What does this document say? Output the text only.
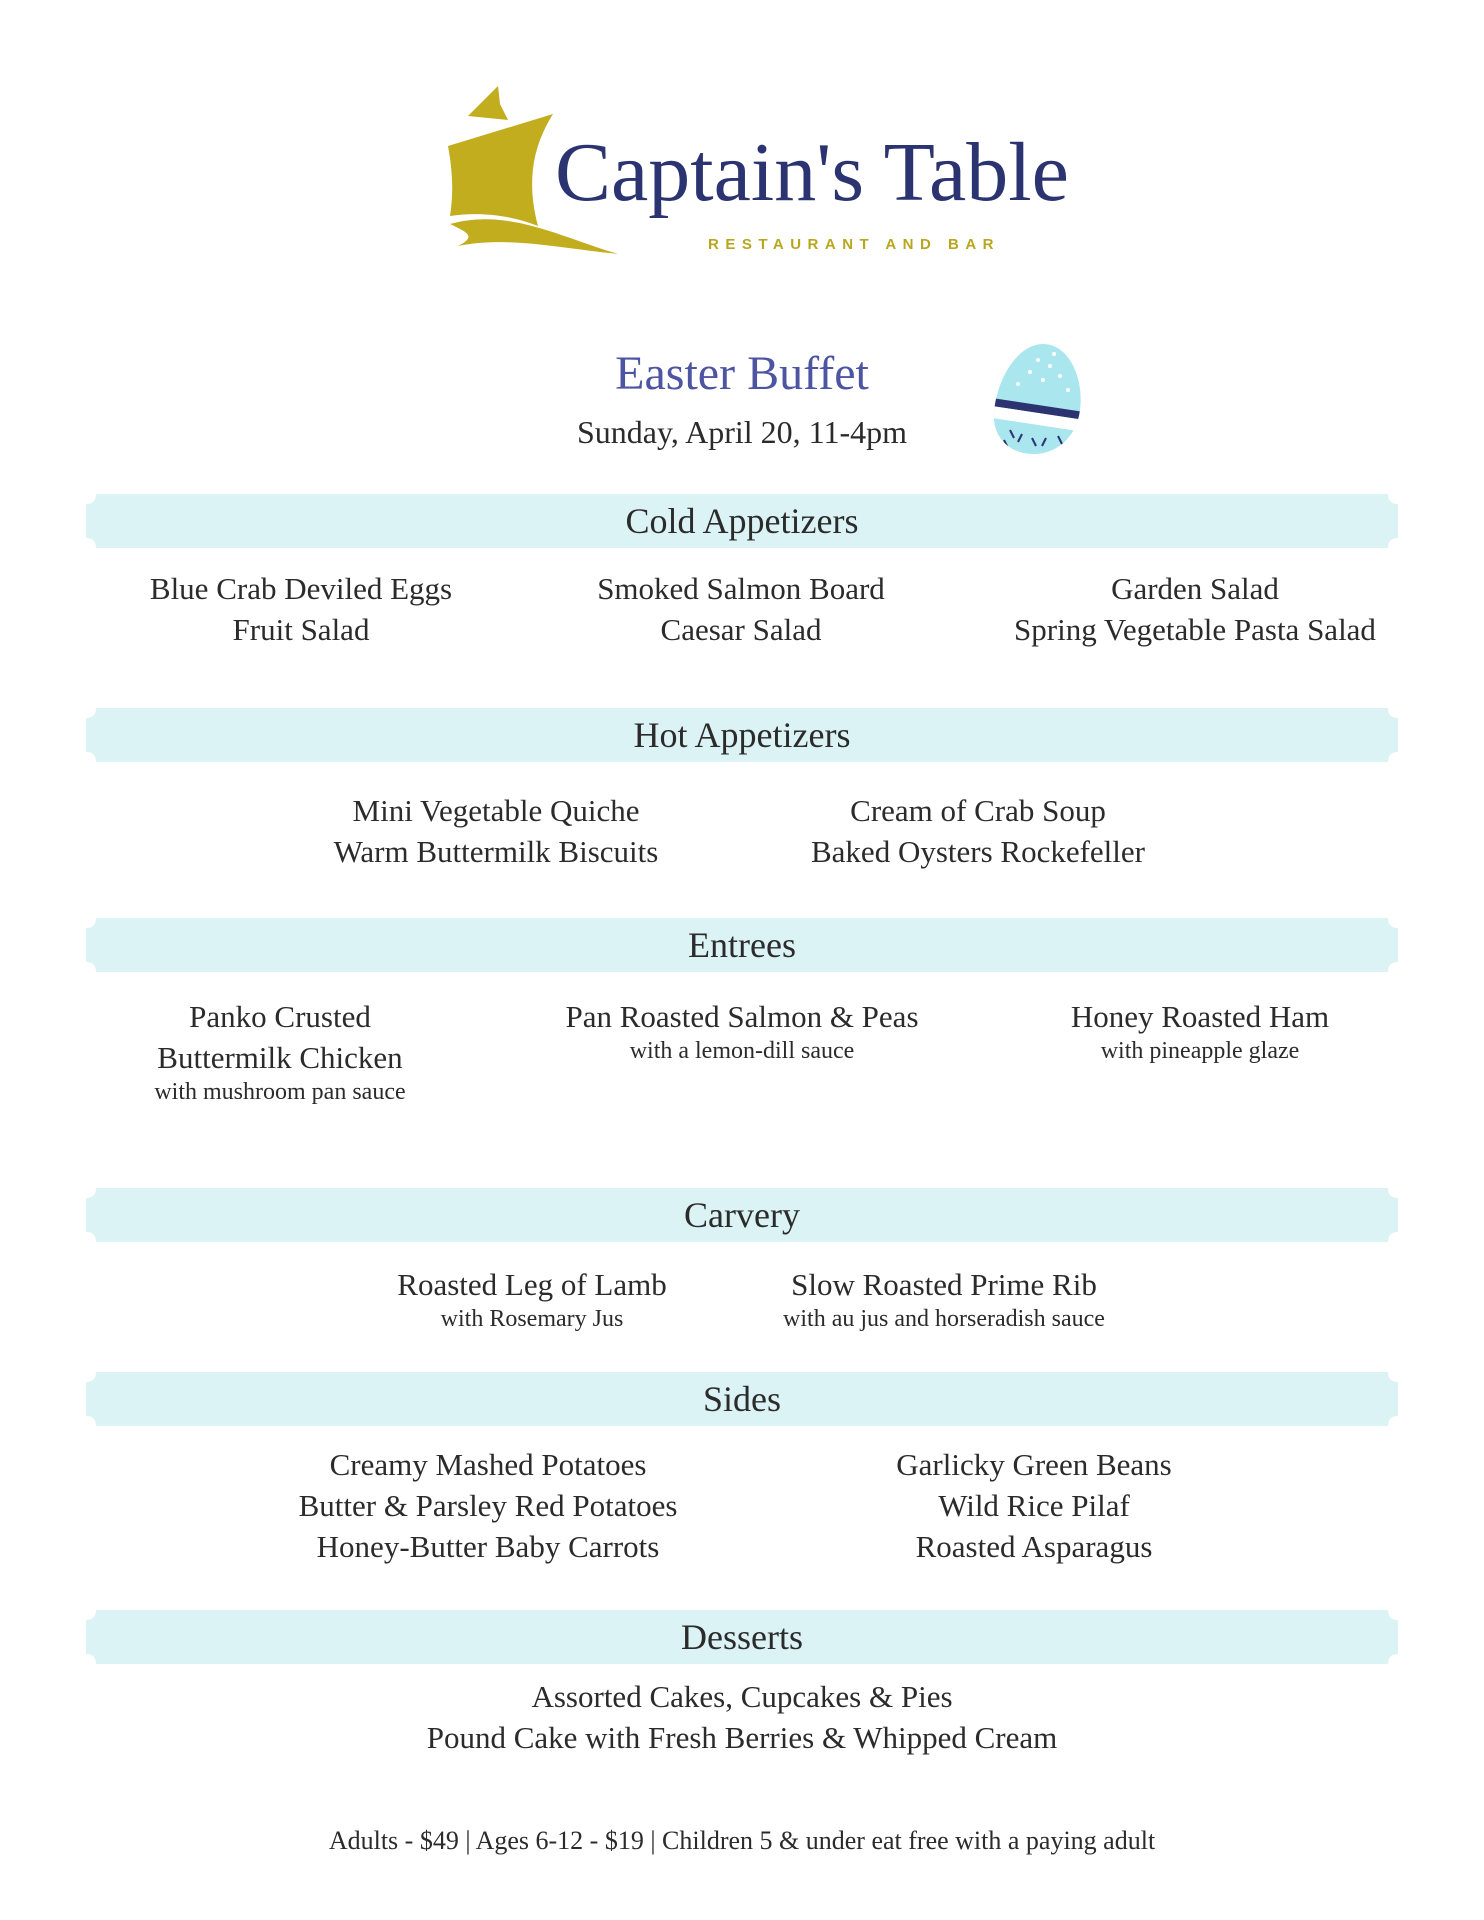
Captain's Table
RESTAURANT AND BAR
Easter Buffet
Sunday, April 20, 11-4pm
Cold Appetizers
Blue Crab Deviled Eggs
Fruit Salad
Smoked Salmon Board
Caesar Salad
Garden Salad
Spring Vegetable Pasta Salad
Hot Appetizers
Mini Vegetable Quiche
Warm Buttermilk Biscuits
Cream of Crab Soup
Baked Oysters Rockefeller
Entrees
Panko Crusted
Buttermilk Chicken
with mushroom pan sauce
Pan Roasted Salmon & Peas
with a lemon-dill sauce
Honey Roasted Ham
with pineapple glaze
Carvery
Roasted Leg of Lamb
with Rosemary Jus
Slow Roasted Prime Rib
with au jus and horseradish sauce
Sides
Creamy Mashed Potatoes
Butter & Parsley Red Potatoes
Honey-Butter Baby Carrots
Garlicky Green Beans
Wild Rice Pilaf
Roasted Asparagus
Desserts
Assorted Cakes, Cupcakes & Pies
Pound Cake with Fresh Berries & Whipped Cream
Adults - $49 | Ages 6-12 - $19 | Children 5 & under eat free with a paying adult
